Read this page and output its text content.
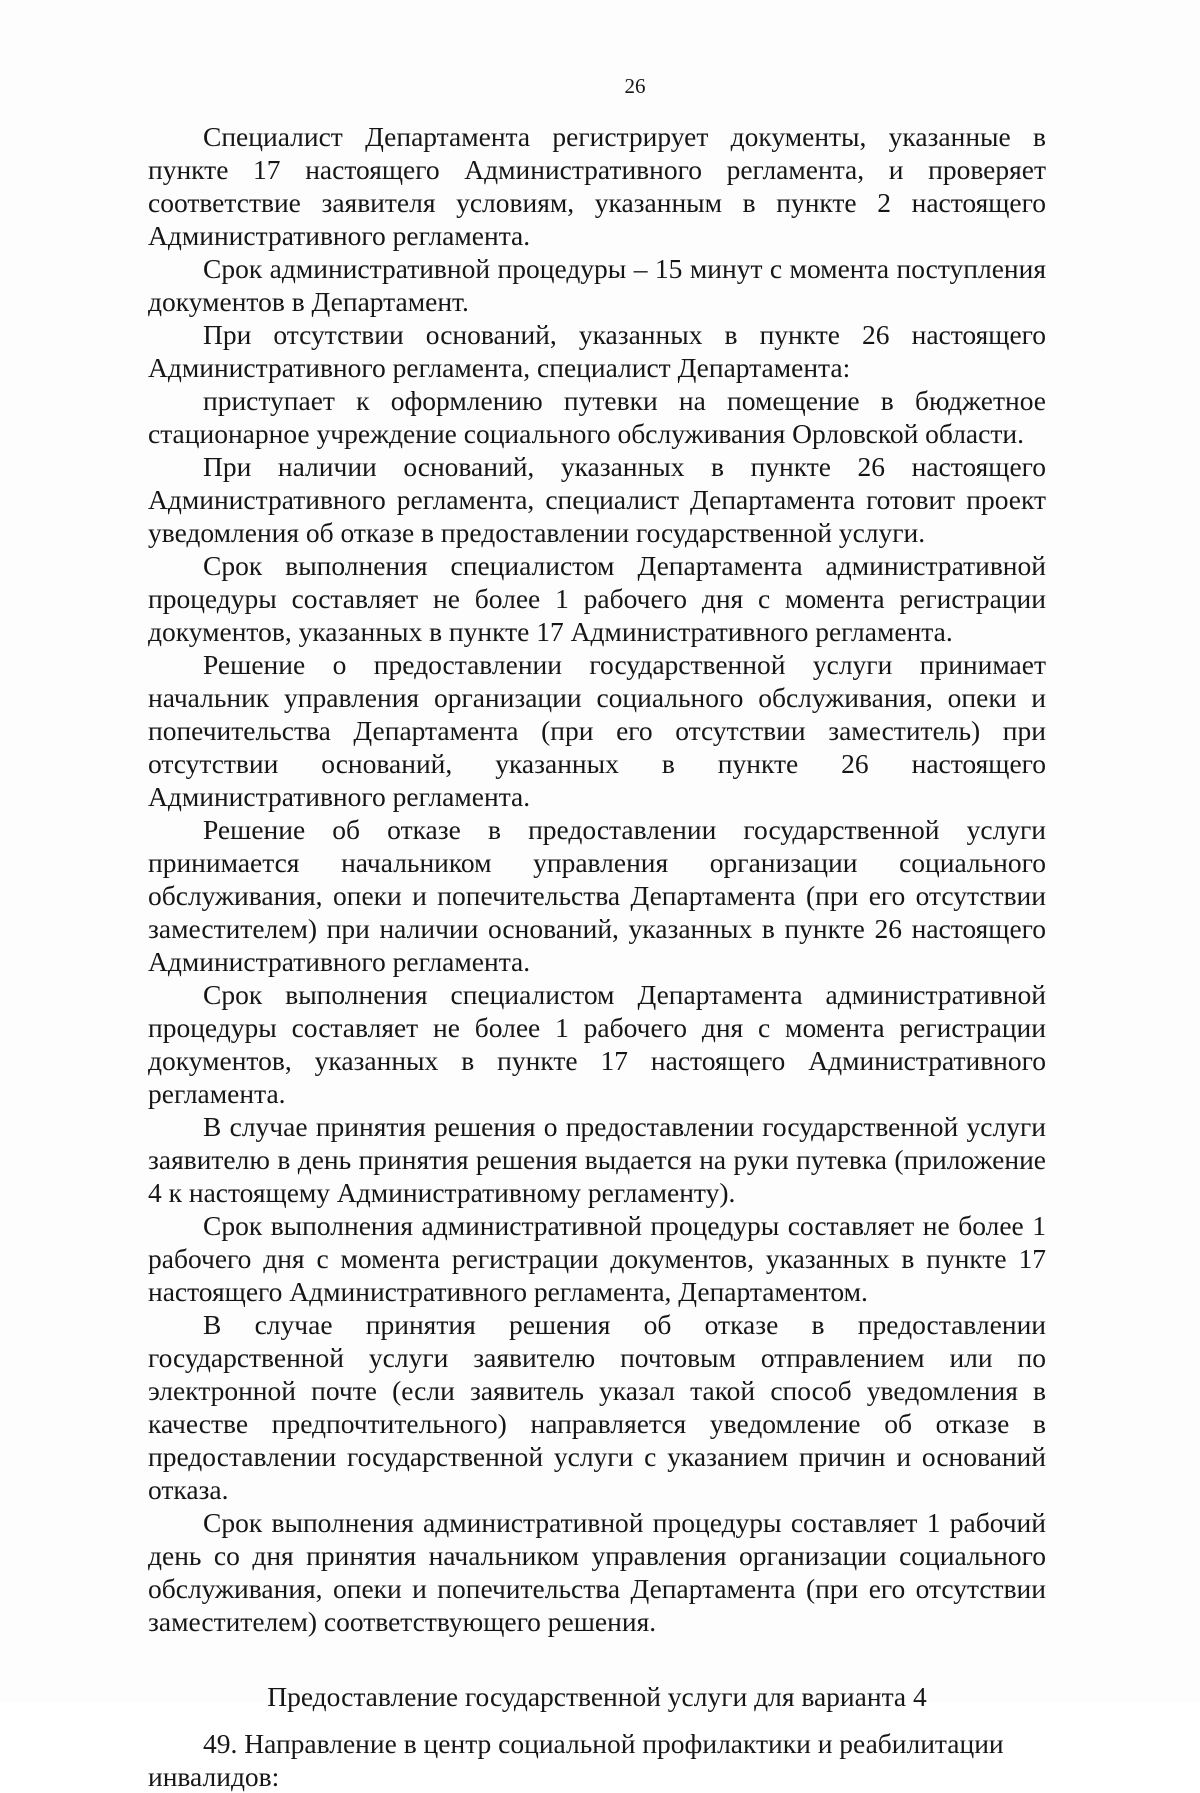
26

Специалист Департамента регистрирует документы, указанные в пункте 17 настоящего Административного регламента, и проверяет соответствие заявителя условиям, указанным в пункте 2 настоящего Административного регламента.

Срок административной процедуры – 15 минут с момента поступления документов в Департамент.

При отсутствии оснований, указанных в пункте 26 настоящего Административного регламента, специалист Департамента:

приступает к оформлению путевки на помещение в бюджетное стационарное учреждение социального обслуживания Орловской области.

При наличии оснований, указанных в пункте 26 настоящего Административного регламента, специалист Департамента готовит проект уведомления об отказе в предоставлении государственной услуги.

Срок выполнения специалистом Департамента административной процедуры составляет не более 1 рабочего дня с момента регистрации документов, указанных в пункте 17 Административного регламента.

Решение о предоставлении государственной услуги принимает начальник управления организации социального обслуживания, опеки и попечительства Департамента (при его отсутствии заместитель) при отсутствии оснований, указанных в пункте 26 настоящего Административного регламента.

Решение об отказе в предоставлении государственной услуги принимается начальником управления организации социального обслуживания, опеки и попечительства Департамента (при его отсутствии заместителем) при наличии оснований, указанных в пункте 26 настоящего Административного регламента.

Срок выполнения специалистом Департамента административной процедуры составляет не более 1 рабочего дня с момента регистрации документов, указанных в пункте 17 настоящего Административного регламента.

В случае принятия решения о предоставлении государственной услуги заявителю в день принятия решения выдается на руки путевка (приложение 4 к настоящему Административному регламенту).

Срок выполнения административной процедуры составляет не более 1 рабочего дня с момента регистрации документов, указанных в пункте 17 настоящего Административного регламента, Департаментом.

В случае принятия решения об отказе в предоставлении государственной услуги заявителю почтовым отправлением или по электронной почте (если заявитель указал такой способ уведомления в качестве предпочтительного) направляется уведомление об отказе в предоставлении государственной услуги с указанием причин и оснований отказа.

Срок выполнения административной процедуры составляет 1 рабочий день со дня принятия начальником управления организации социального обслуживания, опеки и попечительства Департамента (при его отсутствии заместителем) соответствующего решения.

Предоставление государственной услуги для варианта 4

49. Направление в центр социальной профилактики и реабилитации инвалидов:
